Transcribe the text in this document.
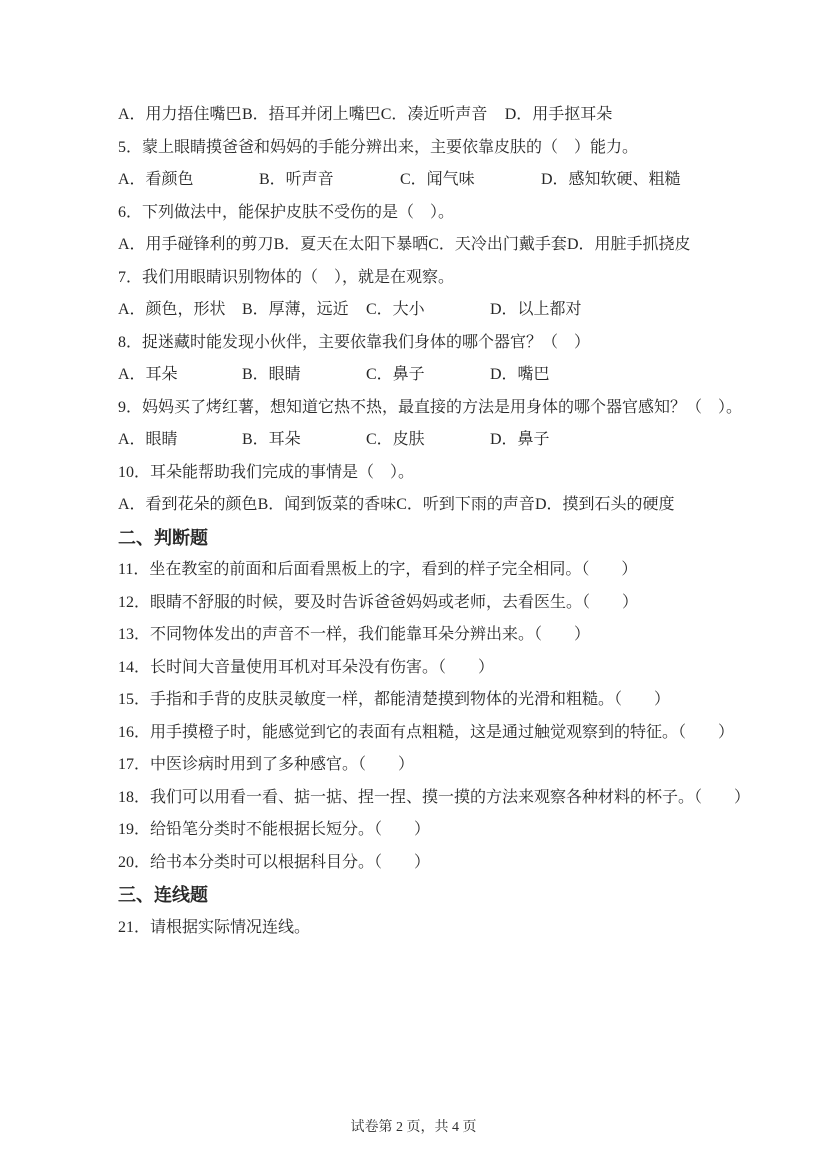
A．用力捂住嘴巴 B．捂耳并闭上嘴巴 C．凑近听声音	D．用手抠耳朵
5．蒙上眼睛摸爸爸和妈妈的手能分辨出来，主要依靠皮肤的（　）能力。
A．看颜色	B．听声音	C．闻气味	D．感知软硬、粗糙
6．下列做法中，能保护皮肤不受伤的是（　）。
A．用手碰锋利的剪刀 B．夏天在太阳下暴晒 C．天冷出门戴手套 D．用脏手抓挠皮
7．我们用眼睛识别物体的（　），就是在观察。
A．颜色，形状	B．厚薄，远近	C．大小	D．以上都对
8．捉迷藏时能发现小伙伴，主要依靠我们身体的哪个器官？（　）
A．耳朵	B．眼睛	C．鼻子	D．嘴巴
9．妈妈买了烤红薯，想知道它热不热，最直接的方法是用身体的哪个器官感知？（　）。
A．眼睛	B．耳朵	C．皮肤	D．鼻子
10．耳朵能帮助我们完成的事情是（　）。
A．看到花朵的颜色 B．闻到饭菜的香味 C．听到下雨的声音 D．摸到石头的硬度
二、判断题
11．坐在教室的前面和后面看黑板上的字，看到的样子完全相同。（　　）
12．眼睛不舒服的时候，要及时告诉爸爸妈妈或老师，去看医生。（　　）
13．不同物体发出的声音不一样，我们能靠耳朵分辨出来。（　　）
14．长时间大音量使用耳机对耳朵没有伤害。（　　）
15．手指和手背的皮肤灵敏度一样，都能清楚摸到物体的光滑和粗糙。（　　）
16．用手摸橙子时，能感觉到它的表面有点粗糙，这是通过触觉观察到的特征。（　　）
17．中医诊病时用到了多种感官。（　　）
18．我们可以用看一看、掂一掂、捏一捏、摸一摸的方法来观察各种材料的杯子。（　　）
19．给铅笔分类时不能根据长短分。（　　）
20．给书本分类时可以根据科目分。（　　）
三、连线题
21．请根据实际情况连线。
试卷第 2 页，共 4 页
